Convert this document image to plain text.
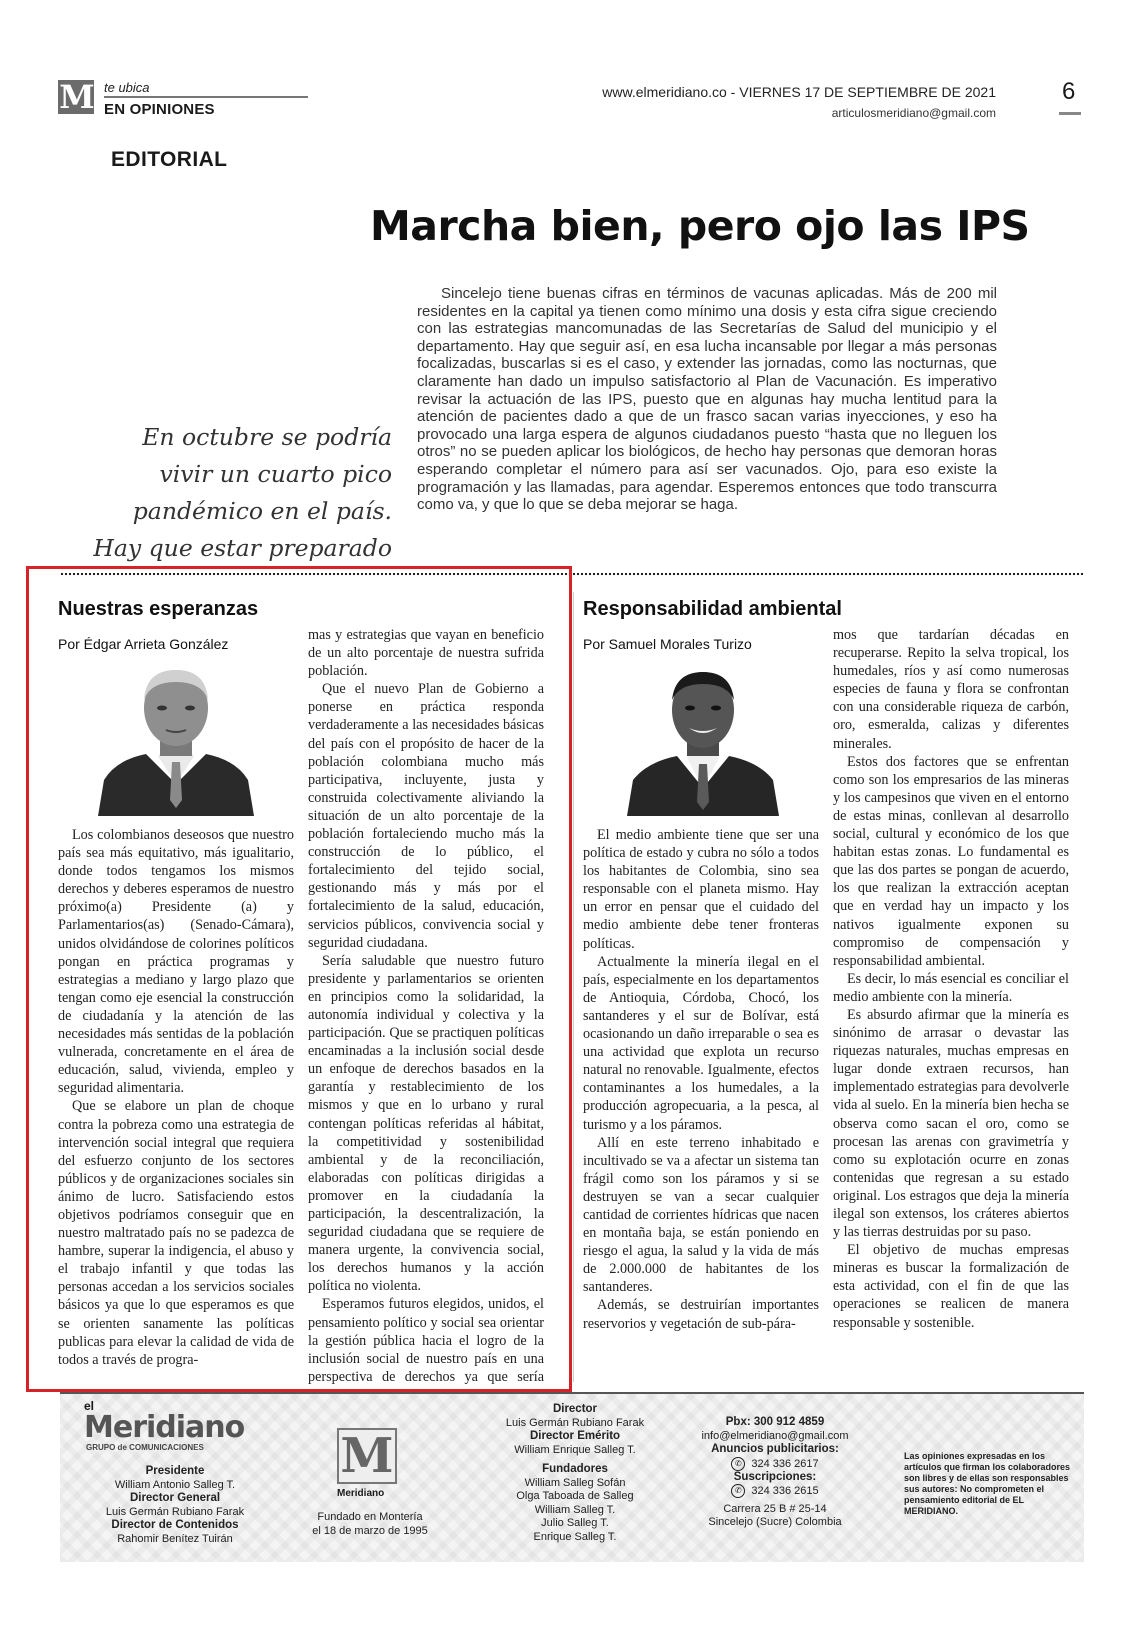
M te ubica
EN OPINIONES
www.elmeridiano.co - VIERNES 17 DE SEPTIEMBRE DE 2021
articulosmeridiano@gmail.com
6
EDITORIAL
Marcha bien, pero ojo las IPS
En octubre se podría vivir un cuarto pico pandémico en el país. Hay que estar preparado

Sincelejo tiene buenas cifras en términos de vacunas aplicadas. Más de 200 mil residentes en la capital ya tienen como mínimo una dosis y esta cifra sigue creciendo con las estrategias mancomunadas de las Secretarías de Salud del municipio y el departamento. Hay que seguir así, en esa lucha incansable por llegar a más personas focalizadas, buscarlas si es el caso, y extender las jornadas, como las nocturnas, que claramente han dado un impulso satisfactorio al Plan de Vacunación. Es imperativo revisar la actuación de las IPS, puesto que en algunas hay mucha lentitud para la atención de pacientes dado a que de un frasco sacan varias inyecciones, y eso ha provocado una larga espera de algunos ciudadanos puesto “hasta que no lleguen los otros” no se pueden aplicar los biológicos, de hecho hay personas que demoran horas esperando completar el número para así ser vacunados. Ojo, para eso existe la programación y las llamadas, para agendar. Esperemos entonces que todo transcurra como va, y que lo que se deba mejorar se haga.

Nuestras esperanzas
Por Édgar Arrieta González

Los colombianos deseosos que nuestro país sea más equitativo, más igualitario, donde todos tengamos los mismos derechos y deberes esperamos de nuestro próximo(a) Presidente (a) y Parlamentarios(as) (Senado-Cámara), unidos olvidándose de colorines políticos pongan en práctica programas y estrategias a mediano y largo plazo que tengan como eje esencial la construcción de ciudadanía y la atención de las necesidades más sentidas de la población vulnerada, concretamente en el área de educación, salud, vivienda, empleo y seguridad alimentaria.

Que se elabore un plan de choque contra la pobreza como una estrategia de intervención social integral que requiera del esfuerzo conjunto de los sectores públicos y de organizaciones sociales sin ánimo de lucro. Satisfaciendo estos objetivos podríamos conseguir que en nuestro maltratado país no se padezca de hambre, superar la indigencia, el abuso y el trabajo infantil y que todas las personas accedan a los servicios sociales básicos ya que lo que esperamos es que se orienten sanamente las políticas publicas para elevar la calidad de vida de todos a través de progra-

mas y estrategias que vayan en beneficio de un alto porcentaje de nuestra sufrida población.

Que el nuevo Plan de Gobierno a ponerse en práctica responda verdaderamente a las necesidades básicas del país con el propósito de hacer de la población colombiana mucho más participativa, incluyente, justa y construida colectivamente aliviando la situación de un alto porcentaje de la población fortaleciendo mucho más la construcción de lo público, el fortalecimiento del tejido social, gestionando más y más por el fortalecimiento de la salud, educación, servicios públicos, convivencia social y seguridad ciudadana.

Sería saludable que nuestro futuro presidente y parlamentarios se orienten en principios como la solidaridad, la autonomía individual y colectiva y la participación. Que se practiquen políticas encaminadas a la inclusión social desde un enfoque de derechos basados en la garantía y restablecimiento de los mismos y que en lo urbano y rural contengan políticas referidas al hábitat, la competitividad y sostenibilidad ambiental y de la reconciliación, elaboradas con políticas dirigidas a promover en la ciudadanía la participación, la descentralización, la seguridad ciudadana que se requiere de manera urgente, la convivencia social, los derechos humanos y la acción política no violenta.

Esperamos futuros elegidos, unidos, el pensamiento político y social sea orientar la gestión pública hacia el logro de la inclusión social de nuestro país en una perspectiva de derechos ya que sería

Responsabilidad ambiental
Por Samuel Morales Turizo

El medio ambiente tiene que ser una política de estado y cubra no sólo a todos los habitantes de Colombia, sino sea responsable con el planeta mismo. Hay un error en pensar que el cuidado del medio ambiente debe tener fronteras políticas.

Actualmente la minería ilegal en el país, especialmente en los departamentos de Antioquia, Córdoba, Chocó, los santanderes y el sur de Bolívar, está ocasionando un daño irreparable o sea es una actividad que explota un recurso natural no renovable. Igualmente, efectos contaminantes a los humedales, a la producción agropecuaria, a la pesca, al turismo y a los páramos.

Allí en este terreno inhabitado e incultivado se va a afectar un sistema tan frágil como son los páramos y si se destruyen se van a secar cualquier cantidad de corrientes hídricas que nacen en montaña baja, se están poniendo en riesgo el agua, la salud y la vida de más de 2.000.000 de habitantes de los santanderes.

Además, se destruirían importantes reservorios y vegetación de sub-pára-

mos que tardarían décadas en recuperarse. Repito la selva tropical, los humedales, ríos y así como numerosas especies de fauna y flora se confrontan con una considerable riqueza de carbón, oro, esmeralda, calizas y diferentes minerales.

Estos dos factores que se enfrentan como son los empresarios de las mineras y los campesinos que viven en el entorno de estas minas, conllevan al desarrollo social, cultural y económico de los que habitan estas zonas. Lo fundamental es que las dos partes se pongan de acuerdo, los que realizan la extracción aceptan que en verdad hay un impacto y los nativos igualmente exponen su compromiso de compensación y responsabilidad ambiental.

Es decir, lo más esencial es conciliar el medio ambiente con la minería.

Es absurdo afirmar que la minería es sinónimo de arrasar o devastar las riquezas naturales, muchas empresas en lugar donde extraen recursos, han implementado estrategias para devolverle vida al suelo. En la minería bien hecha se observa como sacan el oro, como se procesan las arenas con gravimetría y como su explotación ocurre en zonas contenidas que regresan a su estado original. Los estragos que deja la minería ilegal son extensos, los cráteres abiertos y las tierras destruidas por su paso.

El objetivo de muchas empresas mineras es buscar la formalización de esta actividad, con el fin de que las operaciones se realicen de manera responsable y sostenible.

el
Meridiano
GRUPO de COMUNICACIONES
Presidente
William Antonio Salleg T.
Director General
Luis Germán Rubiano Farak
Director de Contenidos
Rahomir Benítez Tuirán
M
Meridiano
Fundado en Montería
el 18 de marzo de 1995
Director
Luis Germán Rubiano Farak
Director Emérito
William Enrique Salleg T.
Fundadores
William Salleg Sofán
Olga Taboada de Salleg
William Salleg T.
Julio Salleg T.
Enrique Salleg T.
Pbx: 300 912 4859
info@elmeridiano@gmail.com
Anuncios publicitarios:
✆ 324 336 2617
Suscripciones:
✆ 324 336 2615
Carrera 25 B # 25-14
Sincelejo (Sucre) Colombia
Las opiniones expresadas en los artículos que firman los colaboradores son libres y de ellas son responsables sus autores: No comprometen el pensamiento editorial de EL MERIDIANO.
